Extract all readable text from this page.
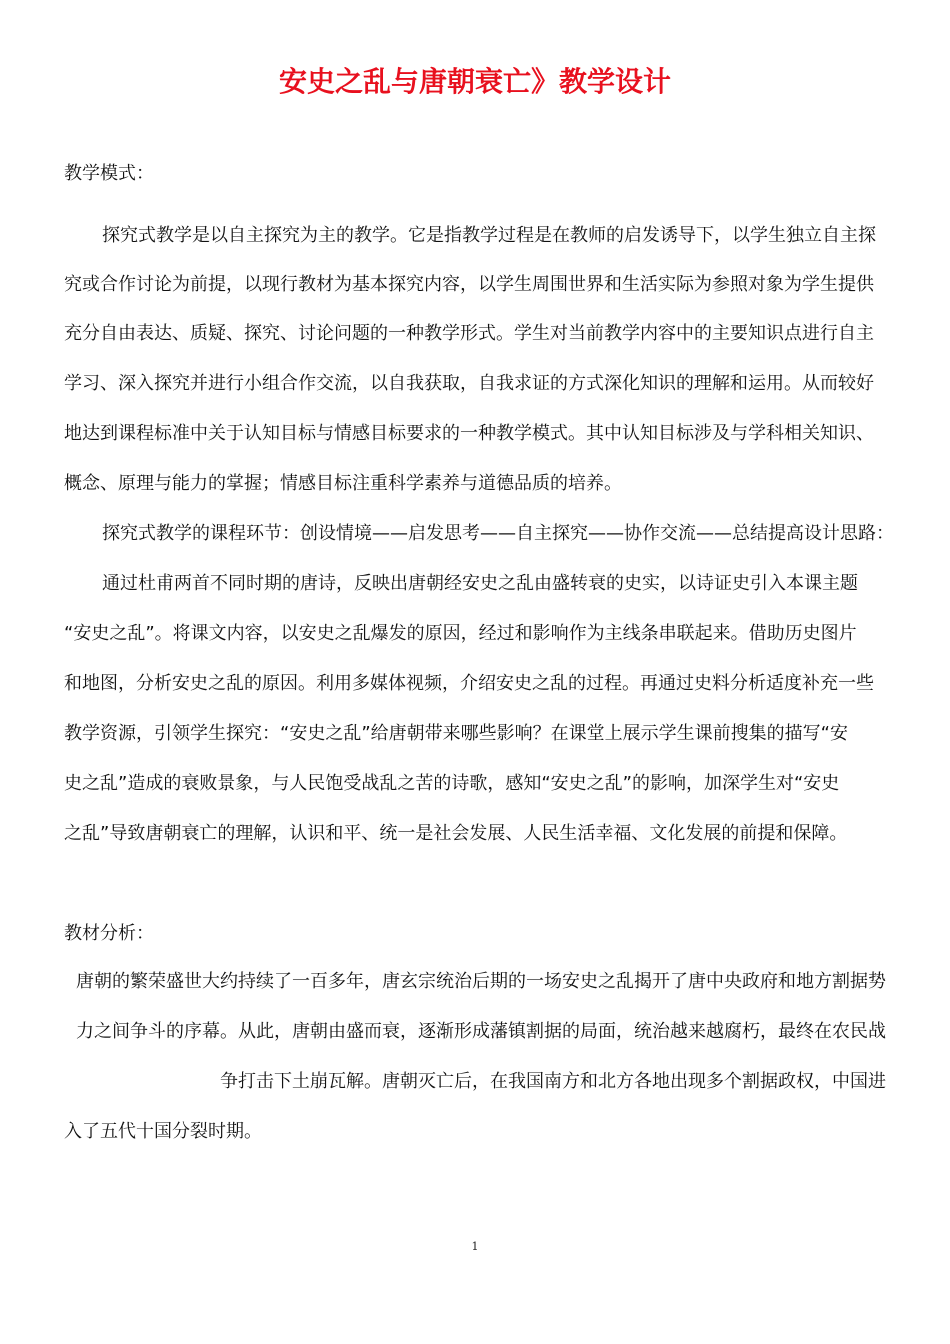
安史之乱与唐朝衰亡》教学设计
教学模式：
探究式教学是以自主探究为主的教学。它是指教学过程是在教师的启发诱导下，以学生独立自主探
究或合作讨论为前提，以现行教材为基本探究内容，以学生周围世界和生活实际为参照对象为学生提供
充分自由表达、质疑、探究、讨论问题的一种教学形式。学生对当前教学内容中的主要知识点进行自主
学习、深入探究并进行小组合作交流，以自我获取，自我求证的方式深化知识的理解和运用。从而较好
地达到课程标准中关于认知目标与情感目标要求的一种教学模式。其中认知目标涉及与学科相关知识、
概念、原理与能力的掌握；情感目标注重科学素养与道德品质的培养。
探究式教学的课程环节：创设情境——启发思考——自主探究——协作交流——总结提高设计思路：
通过杜甫两首不同时期的唐诗，反映出唐朝经安史之乱由盛转衰的史实，以诗证史引入本课主题
“安史之乱”。将课文内容，以安史之乱爆发的原因，经过和影响作为主线条串联起来。借助历史图片
和地图，分析安史之乱的原因。利用多媒体视频，介绍安史之乱的过程。再通过史料分析适度补充一些
教学资源，引领学生探究：“安史之乱”给唐朝带来哪些影响？在课堂上展示学生课前搜集的描写“安
史之乱”造成的衰败景象，与人民饱受战乱之苦的诗歌，感知“安史之乱”的影响，加深学生对“安史
之乱”导致唐朝衰亡的理解，认识和平、统一是社会发展、人民生活幸福、文化发展的前提和保障。
教材分析：
唐朝的繁荣盛世大约持续了一百多年，唐玄宗统治后期的一场安史之乱揭开了唐中央政府和地方割据势
力之间争斗的序幕。从此，唐朝由盛而衰，逐渐形成藩镇割据的局面，统治越来越腐朽，最终在农民战
争打击下土崩瓦解。唐朝灭亡后，在我国南方和北方各地出现多个割据政权，中国进
入了五代十国分裂时期。
1
